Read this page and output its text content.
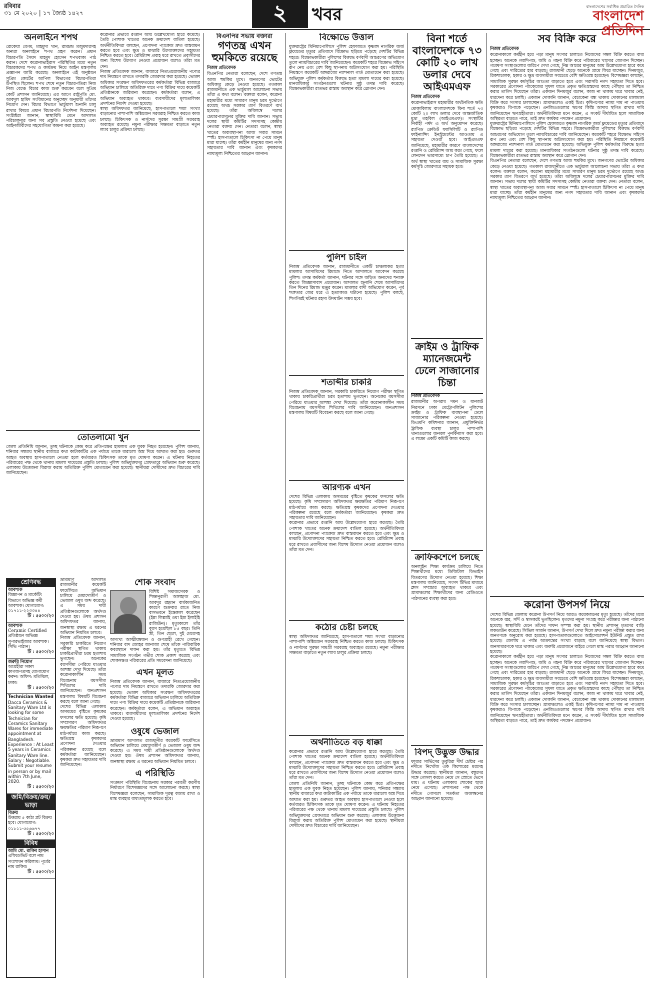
রবিবার
৩১ মে ২০২০ | ১৭ জ্যৈষ্ঠ ১৪২৭	২	খবর	বাংলাদেশের সর্বাধিক প্রচারিত দৈনিক
বাংলাদেশ প্রতিদিন
অনলাইনে শপথ
রোকেয়া বেগম, মাহমুদা খান, রামচন্দ্র মজুমদারসহ অন্যরা অনলাইনে শপথ গ্রহণ করেন। প্রধান বিচারপতি সৈয়দ মাহমুদ হোসেন শপথবাক্য পাঠ করান। দেশে করোনাভাইরাস পরিস্থিতির মধ্যে নতুন বিচারকদের শপথ ও কার্যক্রম নিয়ে আইন মন্ত্রণালয় প্রজ্ঞাপন জারি করেছে। অনলাইনে এই অনুষ্ঠানে সুপ্রিম কোর্টের আপিল বিভাগের বিচারপতিরা উপস্থিত ছিলেন। শপথ শেষে নতুন বিচারপতিরা নিজ নিজ বেঞ্চে বিচার কাজ শুরু করবেন বলে সুপ্রিম কোর্ট প্রশাসন জানিয়েছে। এর আগে রাষ্ট্রপতি মো. আবদুল হামিদ সংবিধানের অনুচ্ছেদ অনুযায়ী তাঁদের নিয়োগ দেন। বিচার বিভাগে ভার্চুয়াল শুনানি চালু রাখার বিষয়ে প্রধান বিচারপতি নির্দেশনা দিয়েছেন। সংশ্লিষ্টরা জানান, স্বাস্থ্যবিধি মেনে আদালত পরিচালনার জন্য সব প্রস্তুতি নেওয়া হয়েছে এবং আইনজীবীদের সহযোগিতা কামনা করা হয়েছে।
করোনার প্রভাবে রপ্তানি আয় উল্লেখযোগ্য হারে কমেছে। তৈরি পোশাক খাতের অনেক ক্রয়াদেশ বাতিল হয়েছে। অর্থনীতিবিদরা বলছেন, প্রণোদনা প্যাকেজ দ্রুত বাস্তবায়ন করতে হবে এবং ক্ষুদ্র ও মাঝারি উদ্যোক্তাদের সহায়তা নিশ্চিত করতে হবে। রেমিট্যান্স প্রবাহ ধরে রাখতে প্রবাসীদের জন্য বিশেষ উদ্যোগ নেওয়া প্রয়োজন বলেও তাঁরা মত দেন।
নিজস্ব প্রতিবেদক জানান, বাজারে নিত্যপ্রয়োজনীয় পণ্যের দাম নিয়ন্ত্রণে রাখতে তদারকি জোরদার করা হয়েছে। ভোক্তা অধিকার সংরক্ষণ অধিদফতরের কর্মকর্তারা বিভিন্ন বাজারে অভিযান চালিয়ে অতিরিক্ত দামে পণ্য বিক্রির দায়ে কয়েকটি প্রতিষ্ঠানকে জরিমানা করেছেন। কর্মকর্তারা বলেন, এ অভিযান অব্যাহত থাকবে। ব্যবসায়ীদের মূল্যতালিকা প্রদর্শনের নির্দেশ দেওয়া হয়েছে।
স্বাস্থ্য অধিদফতর জানিয়েছে, হাসপাতালে শয্যা সংখ্যা বাড়ানোর পাশাপাশি অক্সিজেন সরবরাহ নিশ্চিত করতে কাজ চলছে। চিকিৎসক ও নার্সদের সুরক্ষা সামগ্রী সরবরাহ অব্যাহত রয়েছে। নমুনা পরীক্ষার সক্ষমতা বাড়াতে নতুন ল্যাব চালুর প্রক্রিয়া চলছে।
তোতলামো খুন
জেলা প্রতিনিধি জানান, তুচ্ছ ঘটনাকে কেন্দ্র করে প্রতিপক্ষের হামলায় এক যুবক নিহত হয়েছেন। পুলিশ জানায়, শনিবার সন্ধ্যায় স্থানীয় বাজারে কথা কাটাকাটির এক পর্যায়ে তাকে ধারালো অস্ত্র দিয়ে আঘাত করা হয়। গুরুতর আহত অবস্থায় হাসপাতালে নেওয়া হলে কর্তব্যরত চিকিৎসক তাকে মৃত ঘোষণা করেন। এ ঘটনায় নিহতের পরিবারের পক্ষ থেকে থানায় মামলা দায়েরের প্রস্তুতি চলছে। পুলিশ অভিযুক্তদের গ্রেফতারে অভিযান শুরু করেছে। এলাকায় উত্তেজনা বিরাজ করায় অতিরিক্ত পুলিশ মোতায়েন করা হয়েছে। স্থানীয়রা দোষীদের দ্রুত বিচারের দাবি জানিয়েছেন।
শ্রেণিবদ্ধ
আবশ্যক
বিজ্ঞাপন ও মার্কেটিং বিভাগে অভিজ্ঞ কর্মী আবশ্যক। যোগাযোগ: ০১৭১১-২২৩৩৪৪
টি : ৫৫০০/২০
আবশ্যক
Ceramic Certified প্রতিষ্ঠানে অভিজ্ঞ সুপারভাইজার আবশ্যক। সিভি পাঠান।
টি : ৫৫০০/২০
জরুরি নিয়োগ
আগ্রহীরা সকল কাগজপত্রসহ যোগাযোগ করুন। অফিস: মতিঝিল, ঢাকা।
টি : ৫৫০০/২০
Technician Wanted
Dacca Ceramics & Sanitary Ware Ltd is looking for some Technician for Ceramics Sanitary Wares for immediate appointment at Bangladesh. Experience : At Least 5 years in Ceramics Sanitary Ware line. Salary : Negotiable. Submit your resume in person or by mail within 7th June, 2020.
টি : ৫৫০০/২০
জমি/বিক্রয়/ক্রয়/ভাড়া
বিক্রয়
উত্তরায় ৫ কাঠা প্লট বিক্রয় হবে। যোগাযোগ: ০১৮১১-৫৫৬৬৭৭
টি : ৫৫০০/২০
বিবিধ
আমি মো. রাকিব হাসান
এফিডেভিট বলে নাম সংশোধন করিলাম। পূর্বের নাম রাকিব।
টি : ৫৫০০/২০
ভ্রাম্যমাণ আদালত রাজধানীর কয়েকটি ফার্মেসিতে অভিযান চালিয়ে মেয়াদোত্তীর্ণ ও ভেজাল ওষুধ জব্দ করেছে। এ সময় দায়ী প্রতিষ্ঠানগুলোকে অর্থদণ্ড দেওয়া হয়। ঔষধ প্রশাসন অধিদফতর জানায়, জনস্বাস্থ্য রক্ষায় এ ধরনের অভিযান নিয়মিত চলবে।
নিজস্ব প্রতিবেদক জানান, সরকারি চাকরিতে নিয়োগ পরীক্ষা স্থগিত থাকায় চাকরিপ্রার্থীরা চরম হতাশায় ভুগছেন। অনেকের বয়সসীমা পেরিয়ে যাওয়ার আশঙ্কা দেখা দিয়েছে। তাঁরা করোনাকালীন সময় বিবেচনায় বয়সসীমা শিথিলের দাবি জানিয়েছেন। জনপ্রশাসন মন্ত্রণালয় বিষয়টি বিবেচনা করছে বলে জানা গেছে।
দেশের বিভিন্ন এলাকায় অসময়ের বৃষ্টিতে কৃষকের ফসলের ক্ষতি হয়েছে। কৃষি সম্প্রসারণ অধিদফতর ক্ষয়ক্ষতির পরিমাণ নিরূপণে মাঠপর্যায়ে কাজ করছে। ক্ষতিগ্রস্ত কৃষকদের প্রণোদনা দেওয়ার পরিকল্পনা রয়েছে বলে কর্মকর্তারা জানিয়েছেন। কৃষকরা দ্রুত সহায়তার দাবি জানিয়েছেন।
শোক সংবাদ
বিশিষ্ট সমাজসেবক ও শিক্ষানুরাগী আলহাজ মো. আবদুর রহমান বার্ধক্যজনিত কারণে শুক্রবার রাতে নিজ বাসভবনে ইন্তেকাল করেছেন (ইন্না লিল্লাহি ওয়া ইন্না ইলাইহি রাজিউন)। মৃত্যুকালে তাঁর বয়স হয়েছিল ৮৫ বছর। তিনি স্ত্রী, তিন ছেলে, দুই মেয়েসহ অসংখ্য আত্মীয়স্বজন ও গুণগ্রাহী রেখে গেছেন। শনিবার বাদ জোহর জানাজা শেষে তাঁকে পারিবারিক কবরস্থানে দাফন করা হয়। তাঁর মৃত্যুতে বিভিন্ন সামাজিক সংগঠন গভীর শোক প্রকাশ করেছে এবং শোকসন্তপ্ত পরিবারের প্রতি সমবেদনা জানিয়েছে।
এখন মূলত
নিজস্ব প্রতিবেদক জানান, বাজারে নিত্যপ্রয়োজনীয় পণ্যের দাম নিয়ন্ত্রণে রাখতে তদারকি জোরদার করা হয়েছে। ভোক্তা অধিকার সংরক্ষণ অধিদফতরের কর্মকর্তারা বিভিন্ন বাজারে অভিযান চালিয়ে অতিরিক্ত দামে পণ্য বিক্রির দায়ে কয়েকটি প্রতিষ্ঠানকে জরিমানা করেছেন। কর্মকর্তারা বলেন, এ অভিযান অব্যাহত থাকবে। ব্যবসায়ীদের মূল্যতালিকা প্রদর্শনের নির্দেশ দেওয়া হয়েছে।
ওষুধে ভেজাল
ভ্রাম্যমাণ আদালত রাজধানীর কয়েকটি ফার্মেসিতে অভিযান চালিয়ে মেয়াদোত্তীর্ণ ও ভেজাল ওষুধ জব্দ করেছে। এ সময় দায়ী প্রতিষ্ঠানগুলোকে অর্থদণ্ড দেওয়া হয়। ঔষধ প্রশাসন অধিদফতর জানায়, জনস্বাস্থ্য রক্ষায় এ ধরনের অভিযান নিয়মিত চলবে।
এ পরিস্থিতি
সংক্রমণ পরিস্থিতি বিবেচনায় সরকার পরবর্তী করণীয় নির্ধারণে বিশেষজ্ঞদের সঙ্গে আলোচনা করছে। স্বাস্থ্য বিশেষজ্ঞরা বলেছেন, সামাজিক দূরত্ব বজায় রাখা ও মাস্ক ব্যবহার বাধ্যতামূলক করতে হবে।
বিএনপির সভায় বক্তারা
গণতন্ত্র এখন হুমকিতে রয়েছে
নিজস্ব প্রতিবেদক
বিএনপির নেতারা বলেছেন, দেশে গণতন্ত্র আজ হুমকির মুখে। জনগণের ভোটের অধিকার কেড়ে নেওয়া হয়েছে। গতকাল রাজধানীতে এক ভার্চুয়াল আলোচনা সভায় তাঁরা এ কথা বলেন। বক্তারা বলেন, করোনা মহামারীর মধ্যে সাধারণ মানুষ চরম দুর্ভোগে রয়েছে অথচ সরকার ত্রাণ বিতরণে ব্যর্থ হয়েছে। তাঁরা অবিলম্বে দলের চেয়ারপারসনের মুক্তির দাবি জানান। সভায় দলের স্থায়ী কমিটির সদস্যসহ কেন্দ্রীয় নেতারা বক্তব্য দেন। নেতারা বলেন, স্বাস্থ্য খাতের অব্যবস্থাপনা আজ সবার সামনে স্পষ্ট। হাসপাতালে চিকিৎসা না পেয়ে মানুষ মারা যাচ্ছে। তাঁরা কর্মহীন মানুষের জন্য নগদ সহায়তার দাবি জানান এবং কৃষকদের ন্যায্যমূল্য নিশ্চিতের আহ্বান জানান।
বিক্ষোভে উত্তাল
যুক্তরাষ্ট্রের মিনিয়াপোলিসে পুলিশ হেফাজতে কৃষ্ণাঙ্গ নাগরিক জর্জ ফ্লয়েডের মৃত্যুর প্রতিবাদে বিক্ষোভ ছড়িয়ে পড়েছে দেশটির বিভিন্ন শহরে। বিক্ষোভকারীরা পুলিশের বিরুদ্ধে বর্ণবাদী আচরণের অভিযোগ তুলে ন্যায়বিচারের দাবি জানিয়েছেন। কয়েকটি শহরে বিক্ষোভ সহিংস রূপ নেয় এবং বেশ কিছু স্থাপনায় অগ্নিসংযোগ করা হয়। পরিস্থিতি নিয়ন্ত্রণে কয়েকটি অঙ্গরাজ্যে ন্যাশনাল গার্ড মোতায়েন করা হয়েছে। অভিযুক্ত পুলিশ কর্মকর্তার বিরুদ্ধে হত্যা মামলা দায়ের করা হয়েছে। মানবাধিকার সংগঠনগুলো ঘটনার সুষ্ঠু তদন্ত দাবি করেছে। বিক্ষোভকারীরা রাতভর রাস্তায় অবস্থান করে স্লোগান দেন।
পুলিশ চাইল
নিজস্ব প্রতিবেদক জানান, রাজধানীতে একটি চাঞ্চল্যকর হত্যা মামলার আসামিদের রিমান্ডে নিতে আদালতে আবেদন করেছে পুলিশ। তদন্ত কর্মকর্তা জানান, ঘটনার সঙ্গে জড়িত অন্যদের শনাক্ত করতে জিজ্ঞাসাবাদ প্রয়োজন। আদালত শুনানি শেষে আসামিদের তিন দিনের রিমান্ড মঞ্জুর করেন। মামলার বাদী অভিযোগ করেন, পূর্ব শত্রুতার জের ধরে এ হত্যাকাণ্ড ঘটানো হয়েছে। পুলিশ বলছে, শিগগিরই ঘটনার রহস্য উদঘাটন সম্ভব হবে।
শতাব্দীর চাকরি
নিজস্ব প্রতিবেদক জানান, সরকারি চাকরিতে নিয়োগ পরীক্ষা স্থগিত থাকায় চাকরিপ্রার্থীরা চরম হতাশায় ভুগছেন। অনেকের বয়সসীমা পেরিয়ে যাওয়ার আশঙ্কা দেখা দিয়েছে। তাঁরা করোনাকালীন সময় বিবেচনায় বয়সসীমা শিথিলের দাবি জানিয়েছেন। জনপ্রশাসন মন্ত্রণালয় বিষয়টি বিবেচনা করছে বলে জানা গেছে।
আরণ্যক এখন
দেশের বিভিন্ন এলাকায় অসময়ের বৃষ্টিতে কৃষকের ফসলের ক্ষতি হয়েছে। কৃষি সম্প্রসারণ অধিদফতর ক্ষয়ক্ষতির পরিমাণ নিরূপণে মাঠপর্যায়ে কাজ করছে। ক্ষতিগ্রস্ত কৃষকদের প্রণোদনা দেওয়ার পরিকল্পনা রয়েছে বলে কর্মকর্তারা জানিয়েছেন। কৃষকরা দ্রুত সহায়তার দাবি জানিয়েছেন।
করোনার প্রভাবে রপ্তানি আয় উল্লেখযোগ্য হারে কমেছে। তৈরি পোশাক খাতের অনেক ক্রয়াদেশ বাতিল হয়েছে। অর্থনীতিবিদরা বলছেন, প্রণোদনা প্যাকেজ দ্রুত বাস্তবায়ন করতে হবে এবং ক্ষুদ্র ও মাঝারি উদ্যোক্তাদের সহায়তা নিশ্চিত করতে হবে। রেমিট্যান্স প্রবাহ ধরে রাখতে প্রবাসীদের জন্য বিশেষ উদ্যোগ নেওয়া প্রয়োজন বলেও তাঁরা মত দেন।
কঠোর চেষ্টা চলছে
স্বাস্থ্য অধিদফতর জানিয়েছে, হাসপাতালে শয্যা সংখ্যা বাড়ানোর পাশাপাশি অক্সিজেন সরবরাহ নিশ্চিত করতে কাজ চলছে। চিকিৎসক ও নার্সদের সুরক্ষা সামগ্রী সরবরাহ অব্যাহত রয়েছে। নমুনা পরীক্ষার সক্ষমতা বাড়াতে নতুন ল্যাব চালুর প্রক্রিয়া চলছে।
অর্থনীতিতে বড় ধাক্কা
করোনার প্রভাবে রপ্তানি আয় উল্লেখযোগ্য হারে কমেছে। তৈরি পোশাক খাতের অনেক ক্রয়াদেশ বাতিল হয়েছে। অর্থনীতিবিদরা বলছেন, প্রণোদনা প্যাকেজ দ্রুত বাস্তবায়ন করতে হবে এবং ক্ষুদ্র ও মাঝারি উদ্যোক্তাদের সহায়তা নিশ্চিত করতে হবে। রেমিট্যান্স প্রবাহ ধরে রাখতে প্রবাসীদের জন্য বিশেষ উদ্যোগ নেওয়া প্রয়োজন বলেও তাঁরা মত দেন।
জেলা প্রতিনিধি জানান, তুচ্ছ ঘটনাকে কেন্দ্র করে প্রতিপক্ষের হামলায় এক যুবক নিহত হয়েছেন। পুলিশ জানায়, শনিবার সন্ধ্যায় স্থানীয় বাজারে কথা কাটাকাটির এক পর্যায়ে তাকে ধারালো অস্ত্র দিয়ে আঘাত করা হয়। গুরুতর আহত অবস্থায় হাসপাতালে নেওয়া হলে কর্তব্যরত চিকিৎসক তাকে মৃত ঘোষণা করেন। এ ঘটনায় নিহতের পরিবারের পক্ষ থেকে থানায় মামলা দায়েরের প্রস্তুতি চলছে। পুলিশ অভিযুক্তদের গ্রেফতারে অভিযান শুরু করেছে। এলাকায় উত্তেজনা বিরাজ করায় অতিরিক্ত পুলিশ মোতায়েন করা হয়েছে। স্থানীয়রা দোষীদের দ্রুত বিচারের দাবি জানিয়েছেন।
বিনা শর্তে বাংলাদেশকে ৭৩ কোটি ২০ লাখ ডলার দেবে আইএমএফ
নিজস্ব প্রতিবেদক
করোনাভাইরাস মহামারীর অর্থনৈতিক ক্ষতি মোকাবিলায় বাংলাদেশকে বিনা শর্তে ৭৩ কোটি ২০ লাখ ডলার দেবে আন্তর্জাতিক মুদ্রা তহবিল (আইএমএফ)। সংস্থাটির নির্বাহী পর্ষদ এ অর্থ অনুমোদন করেছে। র‍্যাপিড ক্রেডিট ফ্যাসিলিটি ও র‍্যাপিড ফাইন্যান্সিং ইনস্ট্রুমেন্টের আওতায় এ সহায়তা দেওয়া হবে। আইএমএফ জানিয়েছে, মহামারীর কারণে বাংলাদেশের রপ্তানি ও রেমিট্যান্স আয় কমে গেছে, ফলে লেনদেন ভারসাম্যে চাপ তৈরি হয়েছে। এ অর্থ স্বাস্থ্য খাতের ব্যয় ও সামাজিক সুরক্ষা কর্মসূচি জোরদারে সহায়ক হবে।
ক্রাইম ও ট্রাফিক ম্যানেজমেন্ট ঢেলে সাজানোর চিন্তা
নিজস্ব প্রতিবেদক
রাজধানীর অপরাধ দমন ও যানজট নিরসনে ঢাকা মেট্রোপলিটন পুলিশের ক্রাইম ও ট্রাফিক ব্যবস্থাপনা ঢেলে সাজানোর পরিকল্পনা নেওয়া হয়েছে। ডিএমপি কমিশনার জানান, প্রযুক্তিনির্ভর ট্রাফিক ব্যবস্থা চালুর পাশাপাশি থানাগুলোর জনবল পুনর্বিন্যাস করা হবে। এ লক্ষ্যে একটি কমিটি কাজ করছে।
ক্রাফিকশেপে চলছে
অনলাইন শিক্ষা কার্যক্রম চালিয়ে নিতে শিক্ষার্থীদের মধ্যে ডিজিটাল ডিভাইস বিতরণের উদ্যোগ নেওয়া হয়েছে। শিক্ষা মন্ত্রণালয় জানিয়েছে, সংসদ টিভির মাধ্যমে ক্লাস সম্প্রচার অব্যাহত থাকবে এবং গ্রামাঞ্চলের শিক্ষার্থীদের জন্য রেডিওতে পাঠদানের ব্যবস্থা করা হবে।
বিপদ্ উদ্ভুক্ত উদ্ধার
ফায়ার সার্ভিসের ডুবুরিরা দীর্ঘ চেষ্টার পর নদীতে নিখোঁজ এক কিশোরের মরদেহ উদ্ধার করেছে। স্থানীয়রা জানান, বন্ধুদের সঙ্গে গোসল করতে নেমে সে স্রোতে ভেসে যায়। এ ঘটনায় এলাকায় শোকের ছায়া নেমে এসেছে। প্রশাসনের পক্ষ থেকে নদীতে গোসলে সতর্কতা অবলম্বনের আহ্বান জানানো হয়েছে।
সব বিক্রি করে
নিজস্ব প্রতিবেদক
করোনাকালে কর্মহীন হয়ে পড়া মানুষ সংসার চালাতে নিজেদের সম্বল বিক্রি করতে বাধ্য হচ্ছেন। অনেকে গবাদিপশু, জমি ও গহনা বিক্রি করে পরিবারের খাদ্যের জোগান দিচ্ছেন। গবেষণা সংস্থাগুলোর জরিপে দেখা গেছে, নিম্ন আয়ের মানুষের আয় উল্লেখযোগ্য হারে কমে গেছে এবং দারিদ্র্যের হার বাড়ছে। রাজধানী ছেড়ে অনেকে গ্রামে ফিরে যাচ্ছেন। দিনমজুর, রিকশাচালক, হকার ও ক্ষুদ্র ব্যবসায়ীরা সবচেয়ে বেশি ক্ষতিগ্রস্ত হয়েছেন। বিশেষজ্ঞরা বলছেন, সামাজিক সুরক্ষা কর্মসূচির আওতা বাড়াতে হবে এবং সরাসরি নগদ সহায়তা দিতে হবে। সরকারের প্রণোদনা প্যাকেজের সুফল যাতে প্রকৃত ক্ষতিগ্রস্তদের কাছে পৌঁছায় তা নিশ্চিত করার তাগিদ দিয়েছেন তাঁরা। একজন দিনমজুর বলেন, কাজ না থাকায় ঘরে খাবার নেই, ধারদেনা করে চলছি। একজন দোকানি জানান, বেচাকেনা বন্ধ থাকায় দোকানের মালামাল বিক্রি করে সংসার চালাচ্ছেন। গ্রামাঞ্চলেও একই চিত্র। কৃষিপণ্যের ন্যায্য দাম না পাওয়ায় কৃষকরাও বিপাকে পড়েছেন। এনজিওগুলোর ঋণের কিস্তি আদায় স্থগিত রাখার দাবি জানিয়েছেন ঋণগ্রহীতারা। অর্থনীতিবিদরা মনে করেন, এ সংকট দীর্ঘায়িত হলে সামাজিক অস্থিরতা বাড়তে পারে, তাই দ্রুত কার্যকর পদক্ষেপ প্রয়োজন।
যুক্তরাষ্ট্রের মিনিয়াপোলিসে পুলিশ হেফাজতে কৃষ্ণাঙ্গ নাগরিক জর্জ ফ্লয়েডের মৃত্যুর প্রতিবাদে বিক্ষোভ ছড়িয়ে পড়েছে দেশটির বিভিন্ন শহরে। বিক্ষোভকারীরা পুলিশের বিরুদ্ধে বর্ণবাদী আচরণের অভিযোগ তুলে ন্যায়বিচারের দাবি জানিয়েছেন। কয়েকটি শহরে বিক্ষোভ সহিংস রূপ নেয় এবং বেশ কিছু স্থাপনায় অগ্নিসংযোগ করা হয়। পরিস্থিতি নিয়ন্ত্রণে কয়েকটি অঙ্গরাজ্যে ন্যাশনাল গার্ড মোতায়েন করা হয়েছে। অভিযুক্ত পুলিশ কর্মকর্তার বিরুদ্ধে হত্যা মামলা দায়ের করা হয়েছে। মানবাধিকার সংগঠনগুলো ঘটনার সুষ্ঠু তদন্ত দাবি করেছে। বিক্ষোভকারীরা রাতভর রাস্তায় অবস্থান করে স্লোগান দেন।
বিএনপির নেতারা বলেছেন, দেশে গণতন্ত্র আজ হুমকির মুখে। জনগণের ভোটের অধিকার কেড়ে নেওয়া হয়েছে। গতকাল রাজধানীতে এক ভার্চুয়াল আলোচনা সভায় তাঁরা এ কথা বলেন। বক্তারা বলেন, করোনা মহামারীর মধ্যে সাধারণ মানুষ চরম দুর্ভোগে রয়েছে অথচ সরকার ত্রাণ বিতরণে ব্যর্থ হয়েছে। তাঁরা অবিলম্বে দলের চেয়ারপারসনের মুক্তির দাবি জানান। সভায় দলের স্থায়ী কমিটির সদস্যসহ কেন্দ্রীয় নেতারা বক্তব্য দেন। নেতারা বলেন, স্বাস্থ্য খাতের অব্যবস্থাপনা আজ সবার সামনে স্পষ্ট। হাসপাতালে চিকিৎসা না পেয়ে মানুষ মারা যাচ্ছে। তাঁরা কর্মহীন মানুষের জন্য নগদ সহায়তার দাবি জানান এবং কৃষকদের ন্যায্যমূল্য নিশ্চিতের আহ্বান জানান।
করোনা উপসর্গ নিয়ে
দেশের বিভিন্ন জেলায় করোনা উপসর্গ নিয়ে আরও কয়েকজনের মৃত্যু হয়েছে। তাঁদের মধ্যে অনেকে জ্বর, সর্দি ও শ্বাসকষ্টে ভুগছিলেন। মৃতদের নমুনা সংগ্রহ করে পরীক্ষার জন্য পাঠানো হয়েছে। স্বাস্থ্যবিধি মেনে তাঁদের দাফন সম্পন্ন করা হয়। স্থানীয় প্রশাসন মৃতদের বাড়ি লকডাউন করেছে। সিভিল সার্জন জানান, উপসর্গ দেখা দিলে দ্রুত নমুনা পরীক্ষা করার জন্য জনগণকে অনুরোধ করা হয়েছে। হাসপাতালগুলোতে আইসোলেশন ইউনিট প্রস্তুত রাখা হয়েছে। জেলায় এ পর্যন্ত আক্রান্তের সংখ্যা বাড়ছে বলে জানিয়েছে স্বাস্থ্য বিভাগ। জনসাধারণকে ঘরে থাকার এবং জরুরি প্রয়োজনে বাইরে গেলে মাস্ক পরার আহ্বান জানানো হয়েছে।
করোনাকালে কর্মহীন হয়ে পড়া মানুষ সংসার চালাতে নিজেদের সম্বল বিক্রি করতে বাধ্য হচ্ছেন। অনেকে গবাদিপশু, জমি ও গহনা বিক্রি করে পরিবারের খাদ্যের জোগান দিচ্ছেন। গবেষণা সংস্থাগুলোর জরিপে দেখা গেছে, নিম্ন আয়ের মানুষের আয় উল্লেখযোগ্য হারে কমে গেছে এবং দারিদ্র্যের হার বাড়ছে। রাজধানী ছেড়ে অনেকে গ্রামে ফিরে যাচ্ছেন। দিনমজুর, রিকশাচালক, হকার ও ক্ষুদ্র ব্যবসায়ীরা সবচেয়ে বেশি ক্ষতিগ্রস্ত হয়েছেন। বিশেষজ্ঞরা বলছেন, সামাজিক সুরক্ষা কর্মসূচির আওতা বাড়াতে হবে এবং সরাসরি নগদ সহায়তা দিতে হবে। সরকারের প্রণোদনা প্যাকেজের সুফল যাতে প্রকৃত ক্ষতিগ্রস্তদের কাছে পৌঁছায় তা নিশ্চিত করার তাগিদ দিয়েছেন তাঁরা। একজন দিনমজুর বলেন, কাজ না থাকায় ঘরে খাবার নেই, ধারদেনা করে চলছি। একজন দোকানি জানান, বেচাকেনা বন্ধ থাকায় দোকানের মালামাল বিক্রি করে সংসার চালাচ্ছেন। গ্রামাঞ্চলেও একই চিত্র। কৃষিপণ্যের ন্যায্য দাম না পাওয়ায় কৃষকরাও বিপাকে পড়েছেন। এনজিওগুলোর ঋণের কিস্তি আদায় স্থগিত রাখার দাবি জানিয়েছেন ঋণগ্রহীতারা। অর্থনীতিবিদরা মনে করেন, এ সংকট দীর্ঘায়িত হলে সামাজিক অস্থিরতা বাড়তে পারে, তাই দ্রুত কার্যকর পদক্ষেপ প্রয়োজন।
